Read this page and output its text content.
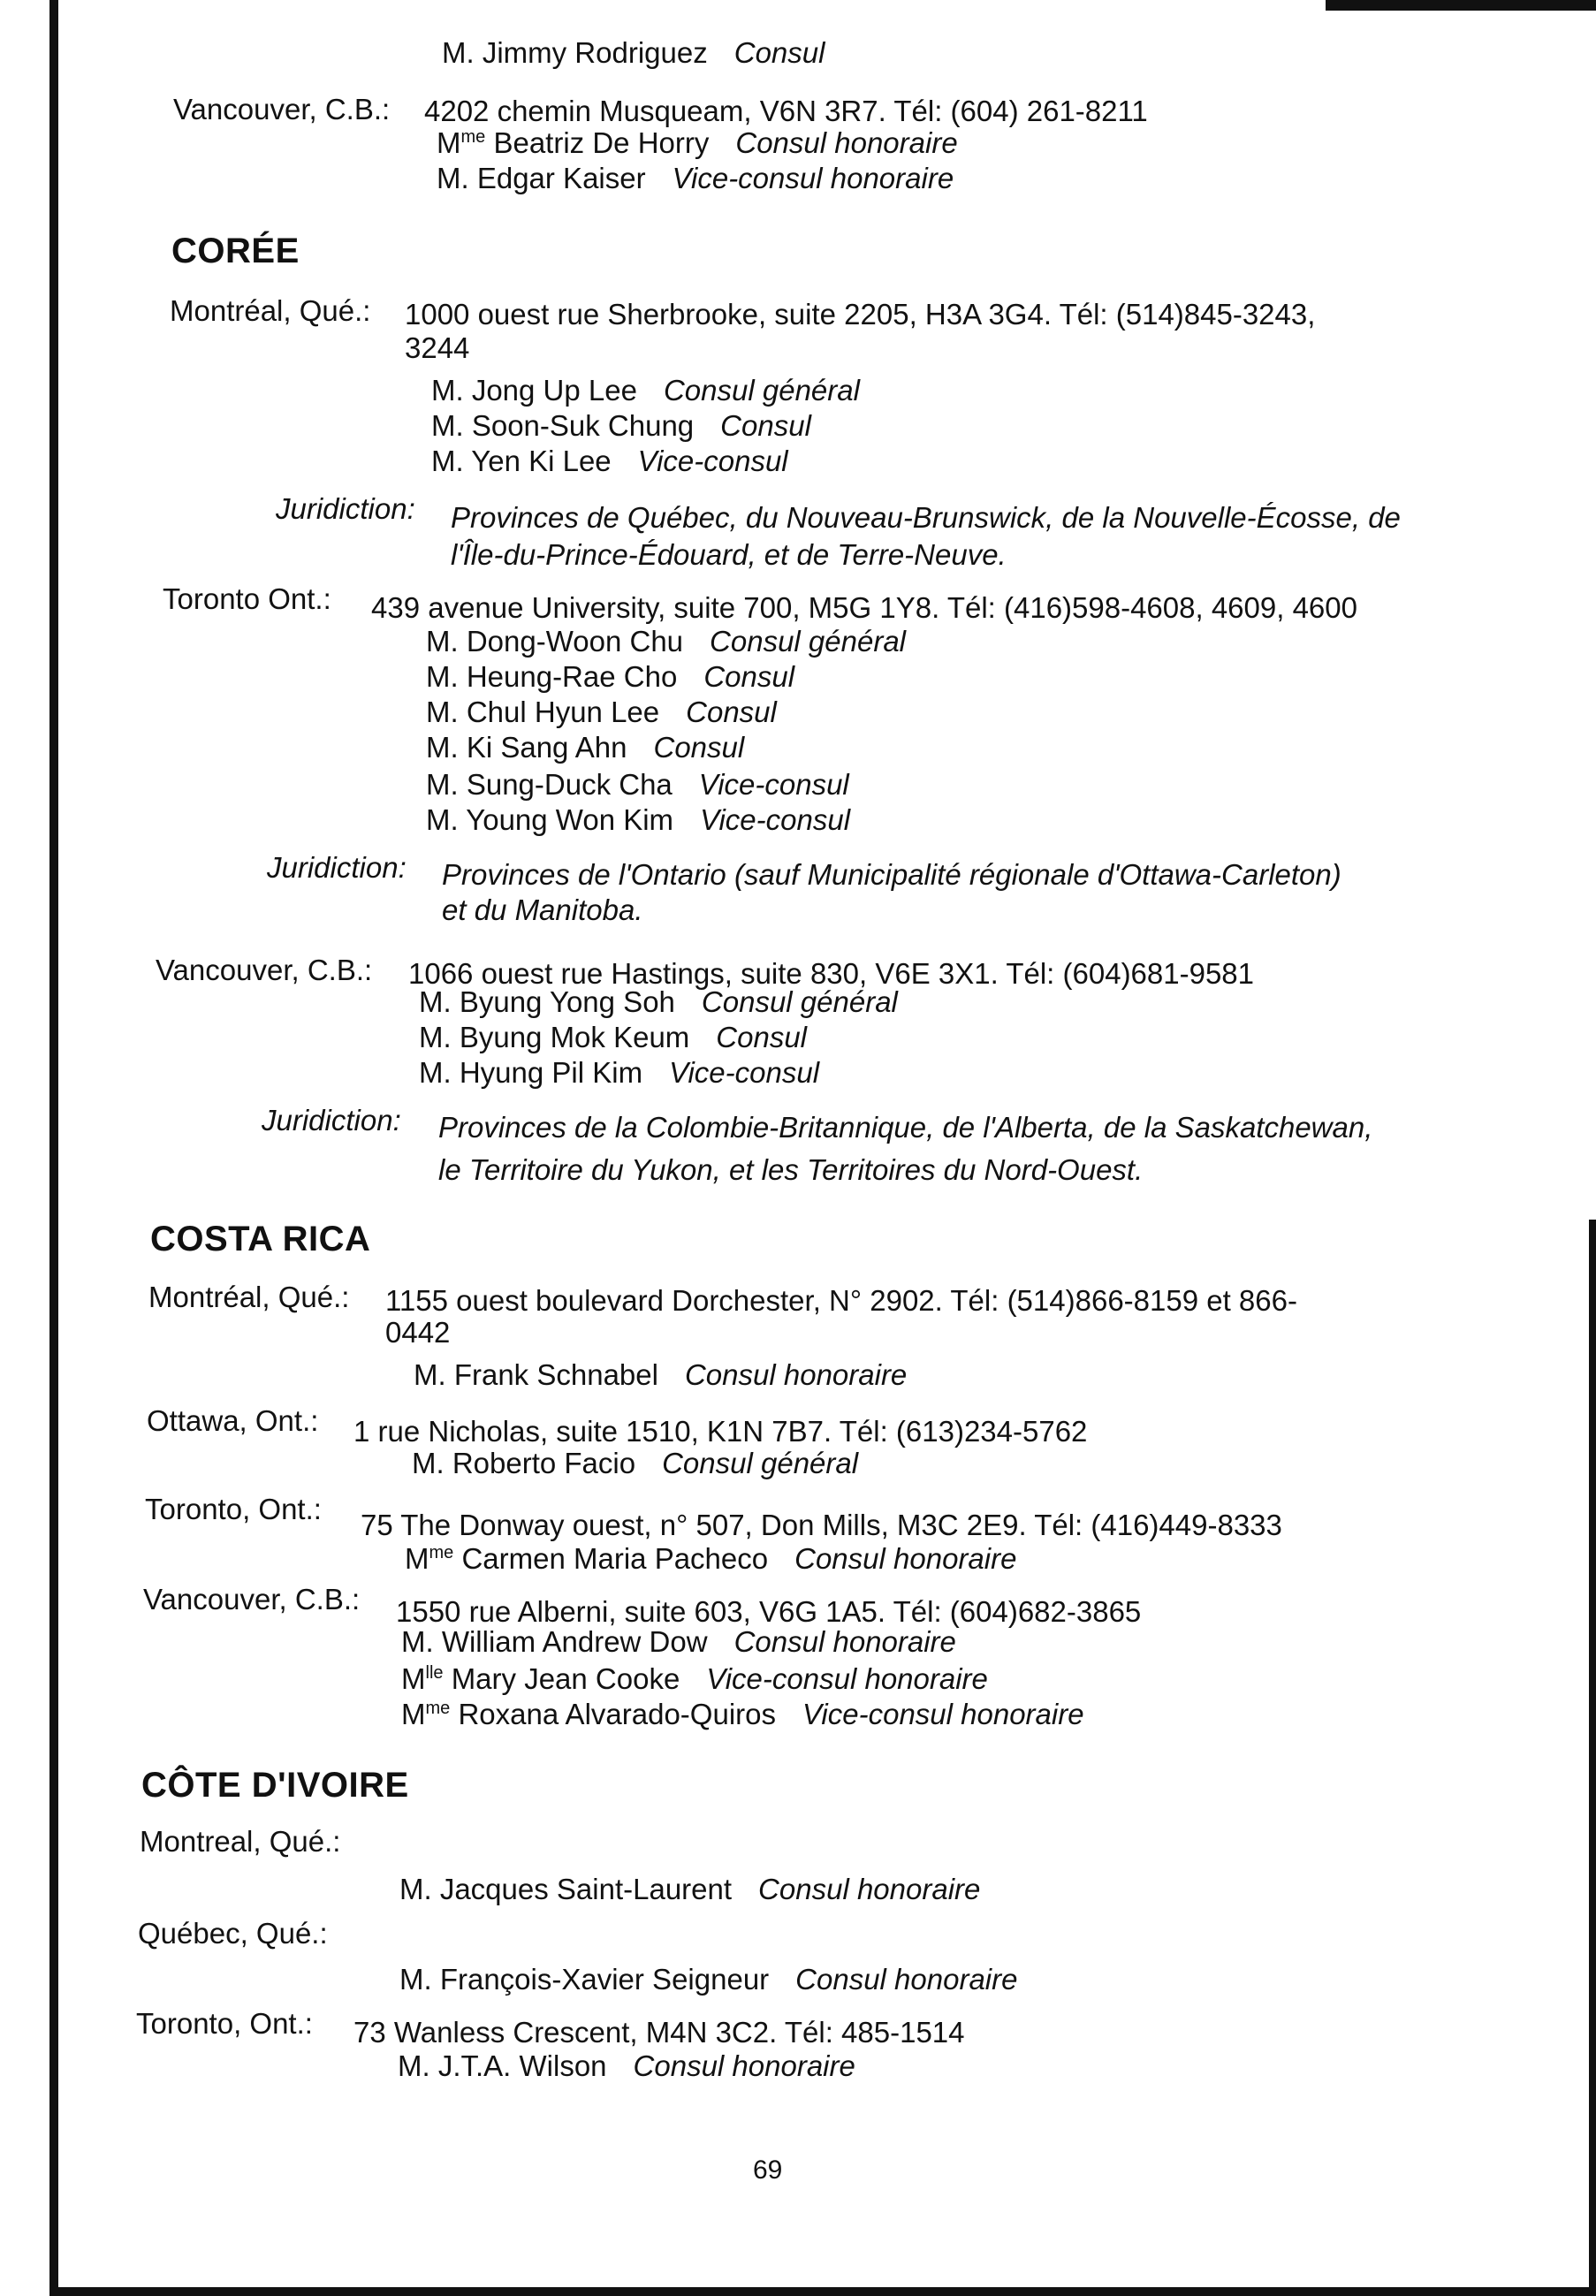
M. Jimmy Rodriguez Consul
Vancouver, C.B.: 4202 chemin Musqueam, V6N 3R7. Tél: (604) 261-8211
$M^{me}$ Beatriz De Horry Consul honoraire
M. Edgar Kaiser Vice-consul honoraire
CORÉE
Montréal, Qué.: 1000 ouest rue Sherbrooke, suite 2205, H3A 3G4. Tél: (514)845-3243,
3244
M. Jong Up Lee Consul général
M. Soon-Suk Chung Consul
M. Yen Ki Lee Vice-consul
Juridiction: Provinces de Québec, du Nouveau-Brunswick, de la Nouvelle-Écosse, de
l'Île-du-Prince-Édouard, et de Terre-Neuve.
Toronto Ont.: 439 avenue University, suite 700, M5G 1Y8. Tél: (416)598-4608, 4609, 4600
M. Dong-Woon Chu Consul général
M. Heung-Rae Cho Consul
M. Chul Hyun Lee Consul
M. Ki Sang Ahn Consul
M. Sung-Duck Cha Vice-consul
M. Young Won Kim Vice-consul
Juridiction: Provinces de l'Ontario (sauf Municipalité régionale d'Ottawa-Carleton)
et du Manitoba.
Vancouver, C.B.: 1066 ouest rue Hastings, suite 830, V6E 3X1. Tél: (604)681-9581
M. Byung Yong Soh Consul général
M. Byung Mok Keum Consul
M. Hyung Pil Kim Vice-consul
Juridiction: Provinces de la Colombie-Britannique, de l'Alberta, de la Saskatchewan,
le Territoire du Yukon, et les Territoires du Nord-Ouest.
COSTA RICA
Montréal, Qué.: 1155 ouest boulevard Dorchester, N° 2902. Tél: (514)866-8159 et 866-
0442
M. Frank Schnabel Consul honoraire
Ottawa, Ont.: 1 rue Nicholas, suite 1510, K1N 7B7. Tél: (613)234-5762
M. Roberto Facio Consul général
Toronto, Ont.: 75 The Donway ouest, n° 507, Don Mills, M3C 2E9. Tél: (416)449-8333
$M^{me}$ Carmen Maria Pacheco Consul honoraire
Vancouver, C.B.: 1550 rue Alberni, suite 603, V6G 1A5. Tél: (604)682-3865
M. William Andrew Dow Consul honoraire
$M^{lle}$ Mary Jean Cooke Vice-consul honoraire
$M^{me}$ Roxana Alvarado-Quiros Vice-consul honoraire
CÔTE D'IVOIRE
Montreal, Qué.:
M. Jacques Saint-Laurent Consul honoraire
Québec, Qué.:
M. François-Xavier Seigneur Consul honoraire
Toronto, Ont.: 73 Wanless Crescent, M4N 3C2. Tél: 485-1514
M. J.T.A. Wilson Consul honoraire
69
